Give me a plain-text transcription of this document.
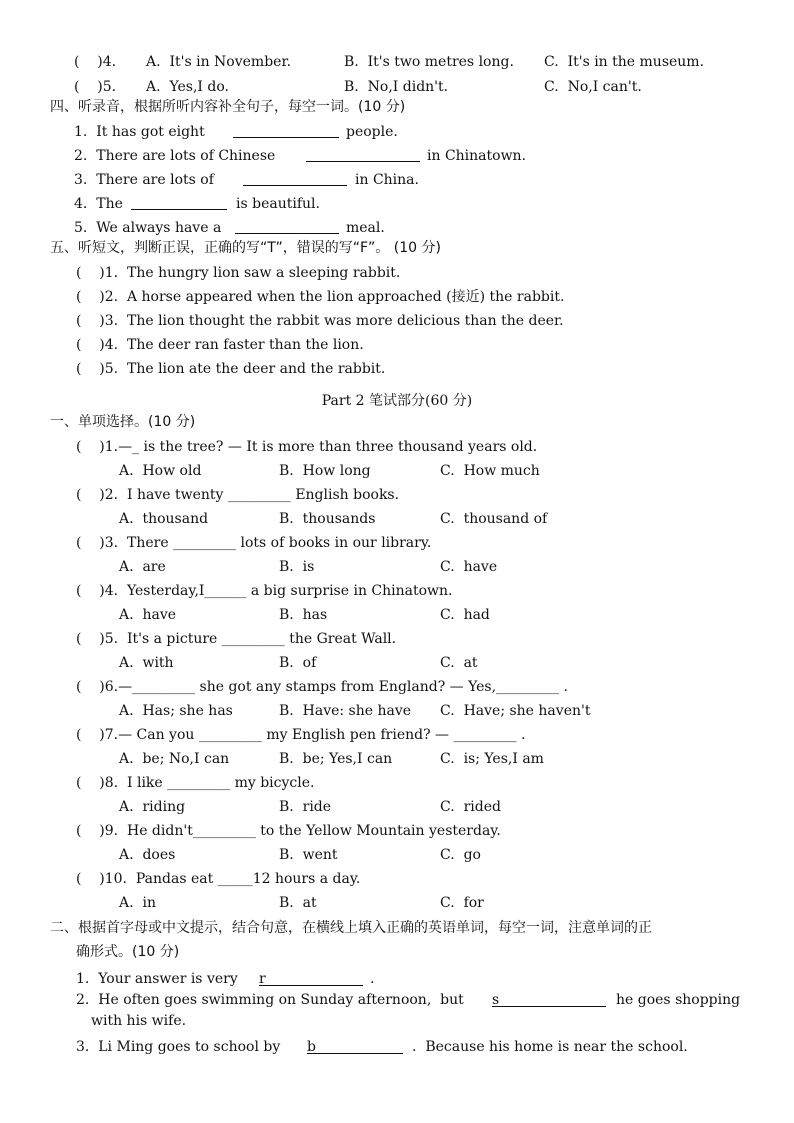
(    )4. A.  It's in November.	B.  It's two metres long. C.  It's in the museum.
(    )5. A.  Yes,I do.	B.  No,I didn't.	C.  No,I can't.
四、听录音，根据所听内容补全句子，每空一词。(10 分)
1.  It has got eight	people.
2.  There are lots of Chinese	in Chinatown.
3.  There are lots of	in China.
4.  The	is beautiful.
5.  We always have a	meal.
五、听短文，判断正误，正确的写“T”，错误的写“F”。 (10 分)
(    )1.  The hungry lion saw a sleeping rabbit.
(    )2.  A horse appeared when the lion approached (接近) the rabbit.
(    )3.  The lion thought the rabbit was more delicious than the deer.
(    )4.  The deer ran faster than the lion.
(    )5.  The lion ate the deer and the rabbit.
Part 2 笔试部分(60 分)
一、单项选择。(10 分)
(    )1.—_ is the tree? — It is more than three thousand years old.
A.  How old	B.  How long	C.  How much
(    )2.  I have twenty _________ English books.
A.  thousand	B.  thousands	C.  thousand of
(    )3.  There _________ lots of books in our library.
A.  are	B.  is	C.  have
(    )4.  Yesterday,I______ a big surprise in Chinatown.
A.  have	B.  has	C.  had
(    )5.  It's a picture _________ the Great Wall.
A.  with	B.  of	C.  at
(    )6.—_________ she got any stamps from England? — Yes,_________ .
A.  Has; she has	B.  Have: she have C.  Have; she haven't
(    )7.— Can you _________ my English pen friend? — _________ .
A.  be; No,I can	B.  be; Yes,I can	C.  is; Yes,I am
(    )8.  I like _________ my bicycle.
A.  riding	B.  ride	C.  rided
(    )9.  He didn't_________ to the Yellow Mountain yesterday.
A.  does	B.  went	C.  go
(    )10.  Pandas eat _____12 hours a day.
A.  in	B.  at	C.  for
二、根据首字母或中文提示，结合句意，在横线上填入正确的英语单词，每空一词，注意单词的正
确形式。(10 分)
1.  Your answer is very r	.
2.  He often goes swimming on Sunday afternoon,  but s	he goes shopping
with his wife.
3.  Li Ming goes to school by b	.  Because his home is near the school.
